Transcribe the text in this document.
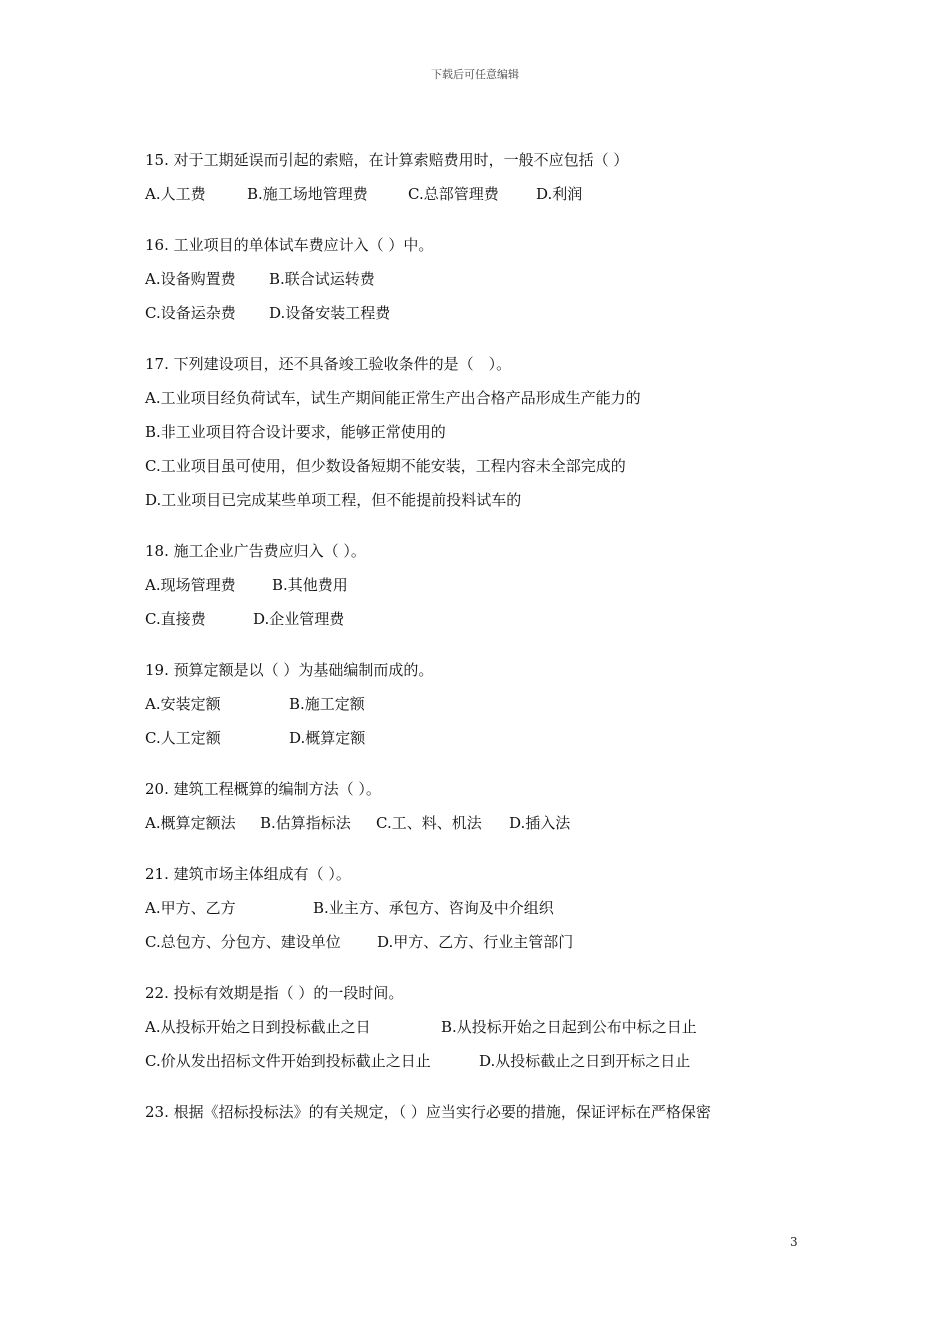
下载后可任意编辑
15. 对于工期延误而引起的索赔，在计算索赔费用时，一般不应包括（ ）
A.人工费	B.施工场地管理费	C.总部管理费 D.利润
16. 工业项目的单体试车费应计入（ ）中。
A.设备购置费 B.联合试运转费
C.设备运杂费 D.设备安装工程费
17. 下列建设项目，还不具备竣工验收条件的是（　）。
A.工业项目经负荷试车，试生产期间能正常生产出合格产品形成生产能力的
B.非工业项目符合设计要求，能够正常使用的
C.工业项目虽可使用，但少数设备短期不能安装，工程内容未全部完成的
D.工业项目已完成某些单项工程，但不能提前投料试车的
18. 施工企业广告费应归入（ ）。
A.现场管理费 B.其他费用
C.直接费	D.企业管理费
19. 预算定额是以（ ）为基础编制而成的。
A.安装定额	B.施工定额
C.人工定额	D.概算定额
20. 建筑工程概算的编制方法（ ）。
A.概算定额法 B.估算指标法 C.工、料、机法 D.插入法
21. 建筑市场主体组成有（ ）。
A.甲方、乙方	B.业主方、承包方、咨询及中介组织
C.总包方、分包方、建设单位 D.甲方、乙方、行业主管部门
22. 投标有效期是指（ ）的一段时间。
A.从投标开始之日到投标截止之日	B.从投标开始之日起到公布中标之日止
C.价从发出招标文件开始到投标截止之日止	D.从投标截止之日到开标之日止
23. 根据《招标投标法》的有关规定，（ ）应当实行必要的措施，保证评标在严格保密
3
